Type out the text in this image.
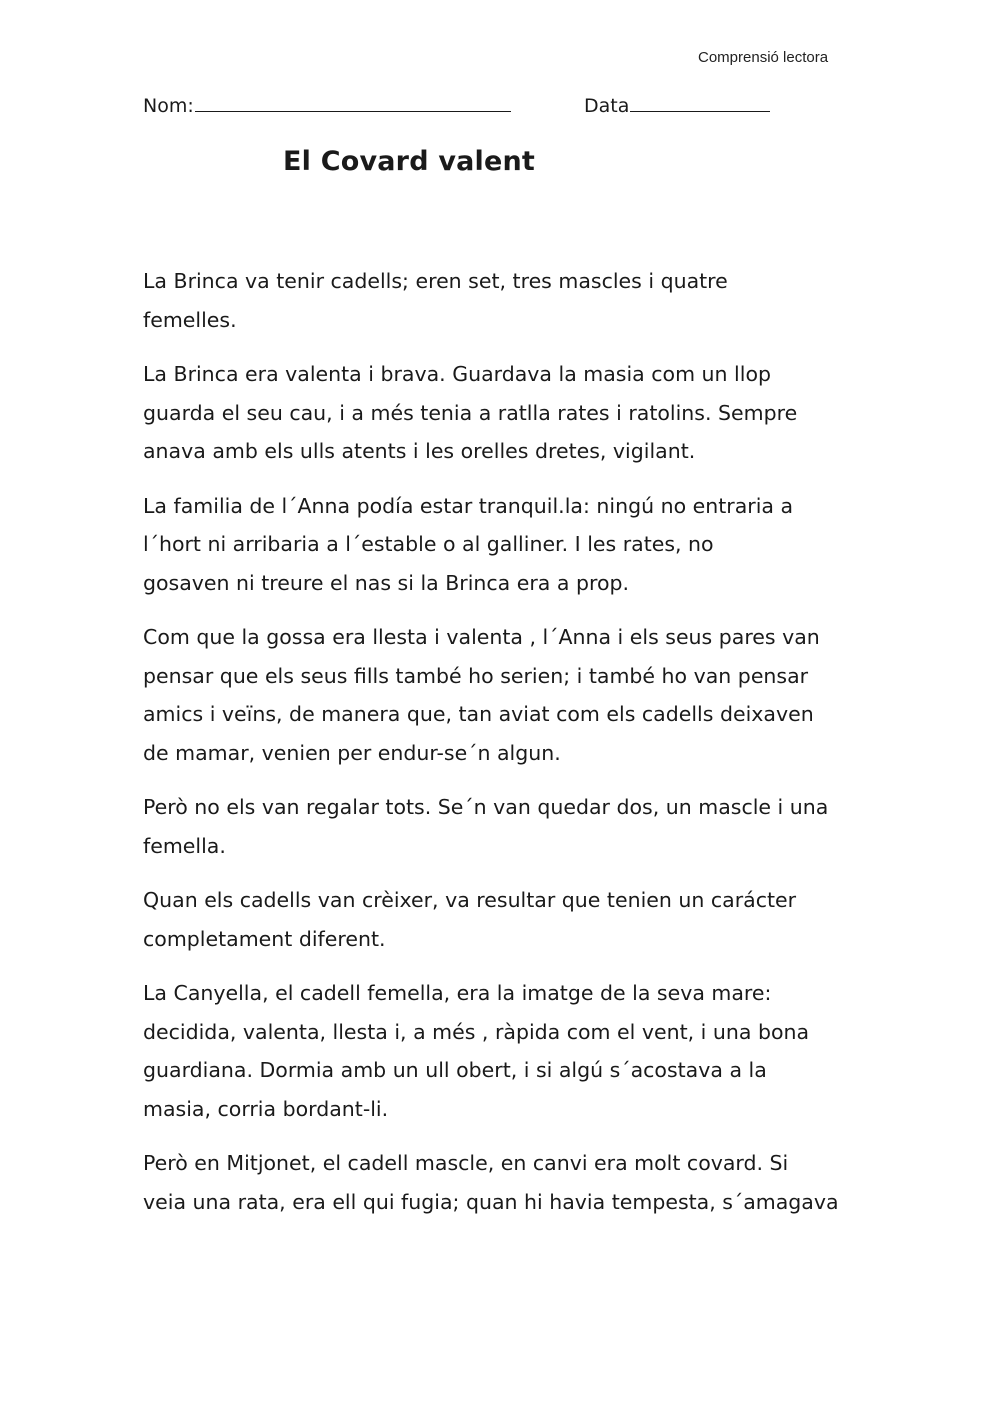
Comprensió lectora
Nom:	Data
El Covard valent
La Brinca va tenir cadells; eren set, tres mascles i quatre
femelles.
La Brinca era valenta i brava. Guardava la masia com un llop
guarda el seu cau, i a més tenia a ratlla rates i ratolins. Sempre
anava amb els ulls atents i les orelles dretes, vigilant.
La familia de l´Anna podía estar tranquil.la: ningú no entraria a
l´hort ni arribaria a l´estable o al galliner. I les rates, no
gosaven ni treure el nas si la Brinca era a prop.
Com que la gossa era llesta i valenta , l´Anna i els seus pares van
pensar que els seus fills també ho serien; i també ho van pensar
amics i veïns, de manera que, tan aviat com els cadells deixaven
de mamar, venien per endur-se´n algun.
Però no els van regalar tots. Se´n van quedar dos, un mascle i una
femella.
Quan els cadells van crèixer, va resultar que tenien un carácter
completament diferent.
La Canyella, el cadell femella, era la imatge de la seva mare:
decidida, valenta, llesta i, a més , ràpida com el vent, i una bona
guardiana. Dormia amb un ull obert, i si algú s´acostava a la
masia, corria bordant-li.
Però en Mitjonet, el cadell mascle, en canvi era molt covard. Si
veia una rata, era ell qui fugia; quan hi havia tempesta, s´amagava
